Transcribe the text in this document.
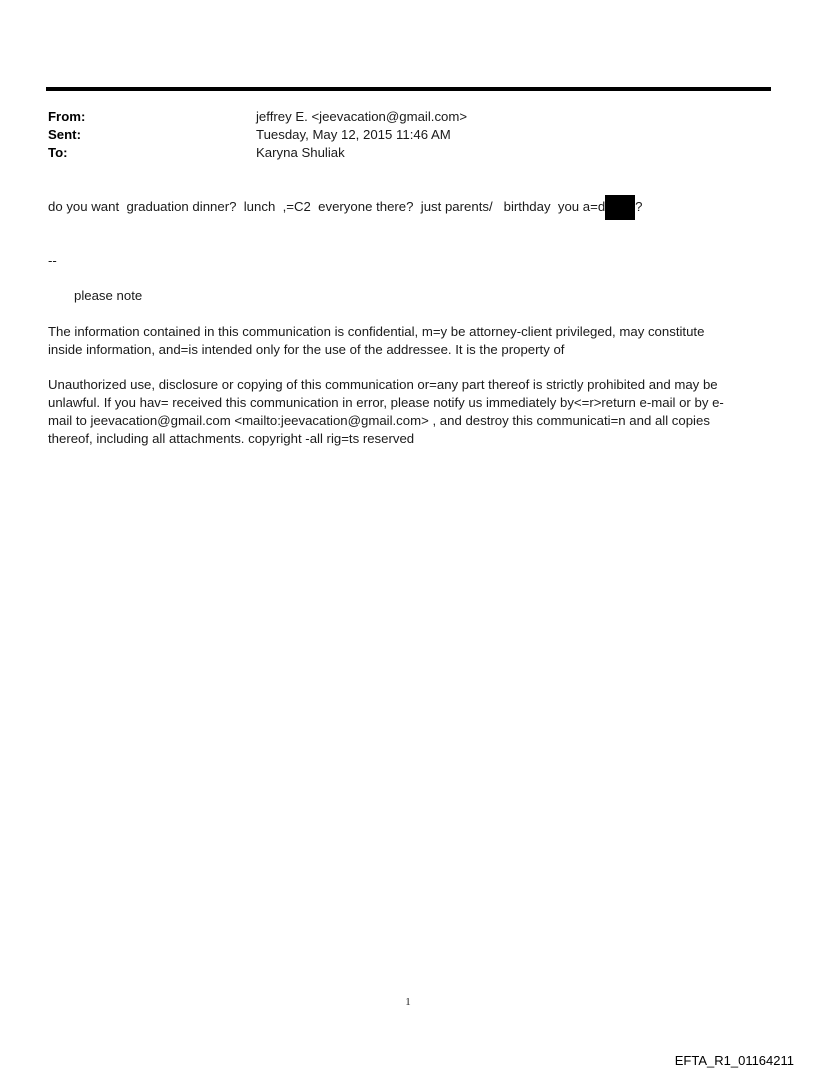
From:	jeffrey E. <jeevacation@gmail.com>
Sent:	Tuesday, May 12, 2015 11:46 AM
To:	Karyna Shuliak
do you want  graduation dinner?  lunch  ,=C2  everyone there?  just parents/   birthday  you a=d ?
--
please note
The information contained in this communication is confidential, m=y be attorney-client privileged, may constitute
inside information, and=is intended only for the use of the addressee. It is the property of
Unauthorized use, disclosure or copying of this communication or=any part thereof is strictly prohibited and may be
unlawful. If you hav= received this communication in error, please notify us immediately by<=r>return e-mail or by e-
mail to jeevacation@gmail.com <mailto:jeevacation@gmail.com> , and destroy this communicati=n and all copies
thereof, including all attachments. copyright -all rig=ts reserved
1
EFTA_R1_01164211
